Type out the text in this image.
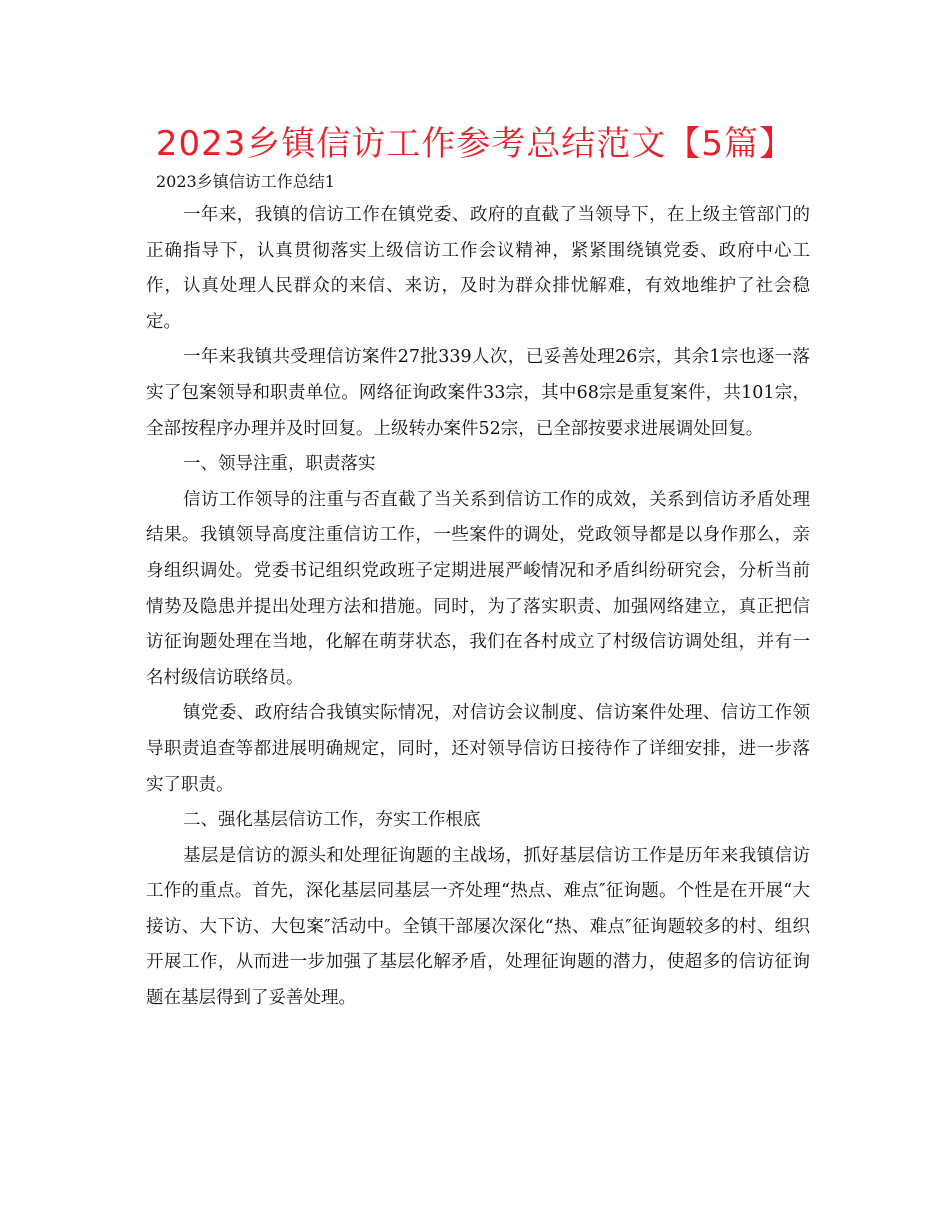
2023乡镇信访工作参考总结范文【5篇】

2023乡镇信访工作总结1

一年来，我镇的信访工作在镇党委、政府的直截了当领导下，在上级主管部门的正确指导下，认真贯彻落实上级信访工作会议精神，紧紧围绕镇党委、政府中心工作，认真处理人民群众的来信、来访，及时为群众排忧解难，有效地维护了社会稳定。

一年来我镇共受理信访案件27批339人次，已妥善处理26宗，其余1宗也逐一落实了包案领导和职责单位。网络征询政案件33宗，其中68宗是重复案件，共101宗，全部按程序办理并及时回复。上级转办案件52宗，已全部按要求进展调处回复。

一、领导注重，职责落实

信访工作领导的注重与否直截了当关系到信访工作的成效，关系到信访矛盾处理结果。我镇领导高度注重信访工作，一些案件的调处，党政领导都是以身作那么，亲身组织调处。党委书记组织党政班子定期进展严峻情况和矛盾纠纷研究会，分析当前情势及隐患并提出处理方法和措施。同时，为了落实职责、加强网络建立，真正把信访征询题处理在当地，化解在萌芽状态，我们在各村成立了村级信访调处组，并有一名村级信访联络员。

镇党委、政府结合我镇实际情况，对信访会议制度、信访案件处理、信访工作领导职责追查等都进展明确规定，同时，还对领导信访日接待作了详细安排，进一步落实了职责。

二、强化基层信访工作，夯实工作根底

基层是信访的源头和处理征询题的主战场，抓好基层信访工作是历年来我镇信访工作的重点。首先，深化基层同基层一齐处理“热点、难点″征询题。个性是在开展“大接访、大下访、大包案″活动中。全镇干部屡次深化“热、难点″征询题较多的村、组织开展工作，从而进一步加强了基层化解矛盾，处理征询题的潜力，使超多的信访征询题在基层得到了妥善处理。
